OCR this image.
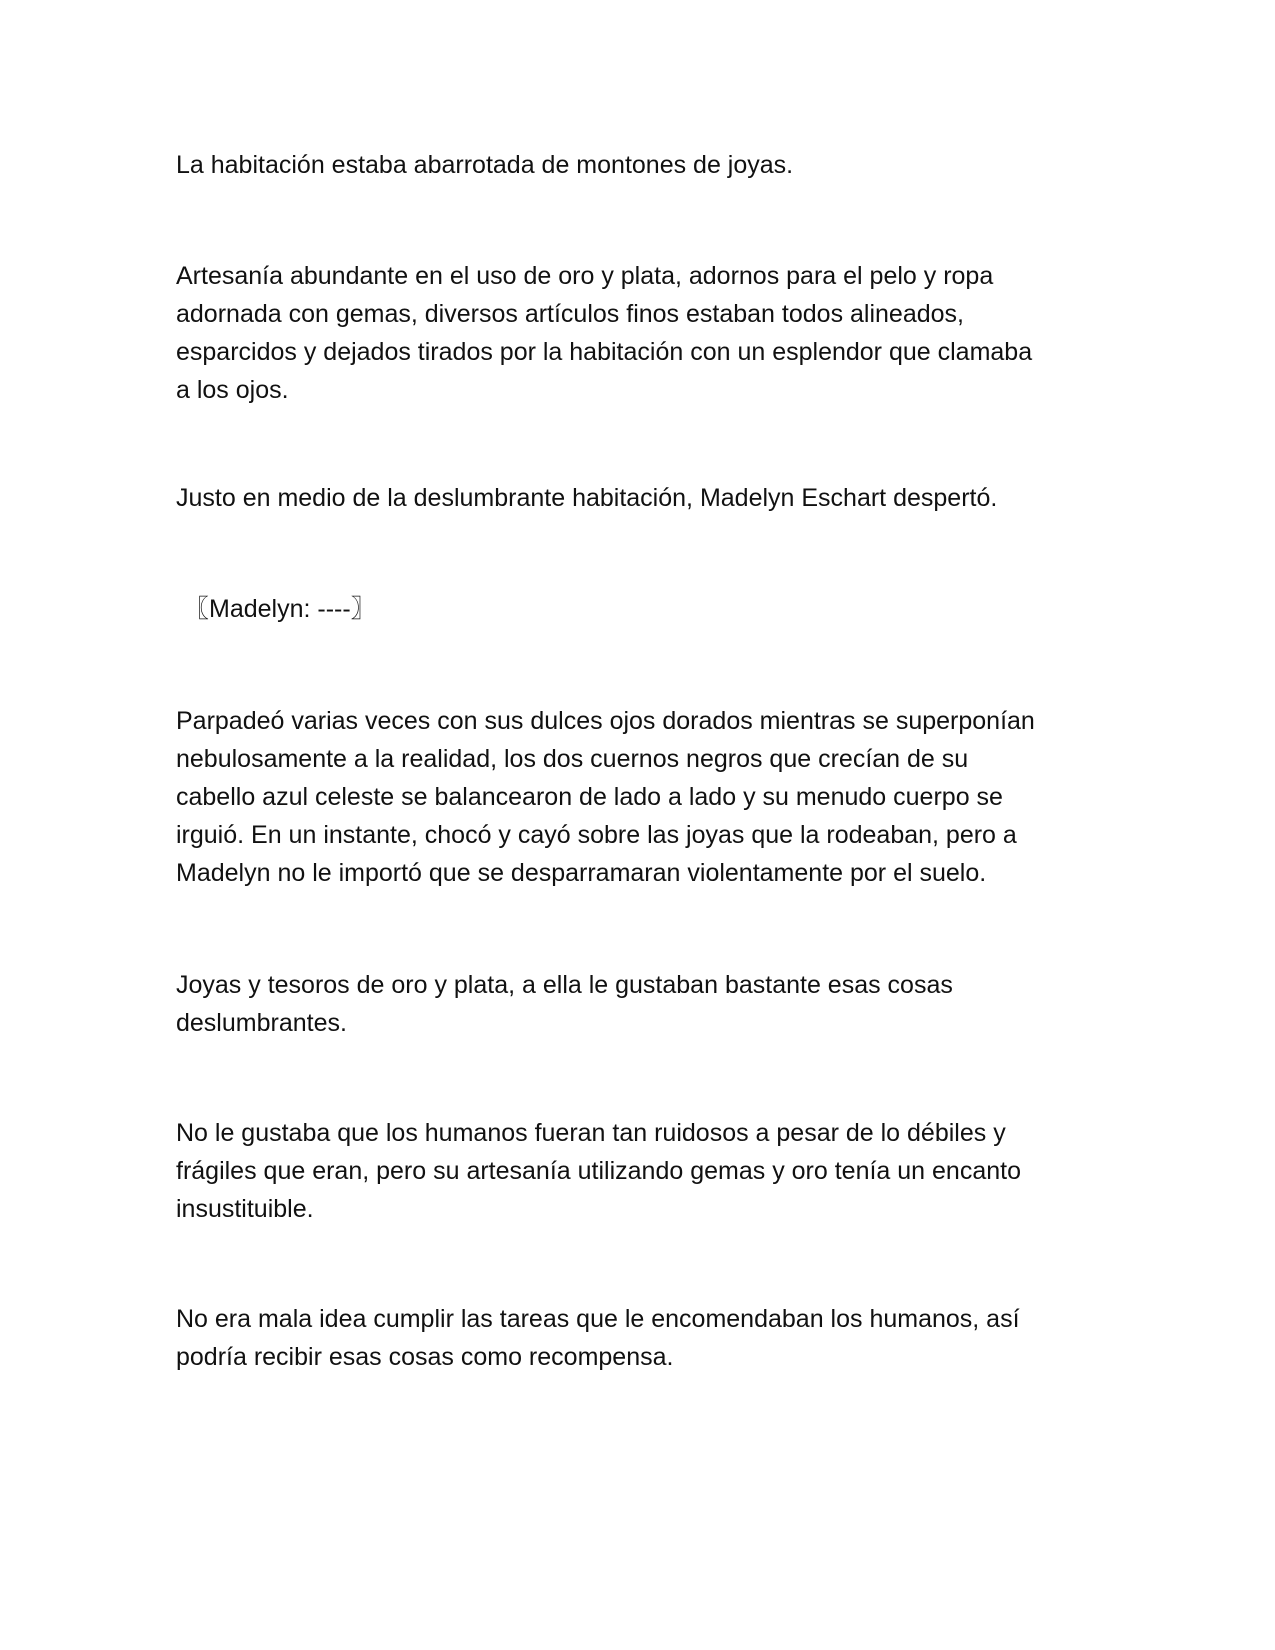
La habitación estaba abarrotada de montones de joyas.

Artesanía abundante en el uso de oro y plata, adornos para el pelo y ropa
adornada con gemas, diversos artículos finos estaban todos alineados,
esparcidos y dejados tirados por la habitación con un esplendor que clamaba
a los ojos.

Justo en medio de la deslumbrante habitación, Madelyn Eschart despertó.

〖Madelyn: ----〗

Parpadeó varias veces con sus dulces ojos dorados mientras se superponían
nebulosamente a la realidad, los dos cuernos negros que crecían de su
cabello azul celeste se balancearon de lado a lado y su menudo cuerpo se
irguió. En un instante, chocó y cayó sobre las joyas que la rodeaban, pero a
Madelyn no le importó que se desparramaran violentamente por el suelo.

Joyas y tesoros de oro y plata, a ella le gustaban bastante esas cosas
deslumbrantes.

No le gustaba que los humanos fueran tan ruidosos a pesar de lo débiles y
frágiles que eran, pero su artesanía utilizando gemas y oro tenía un encanto
insustituible.

No era mala idea cumplir las tareas que le encomendaban los humanos, así
podría recibir esas cosas como recompensa.
